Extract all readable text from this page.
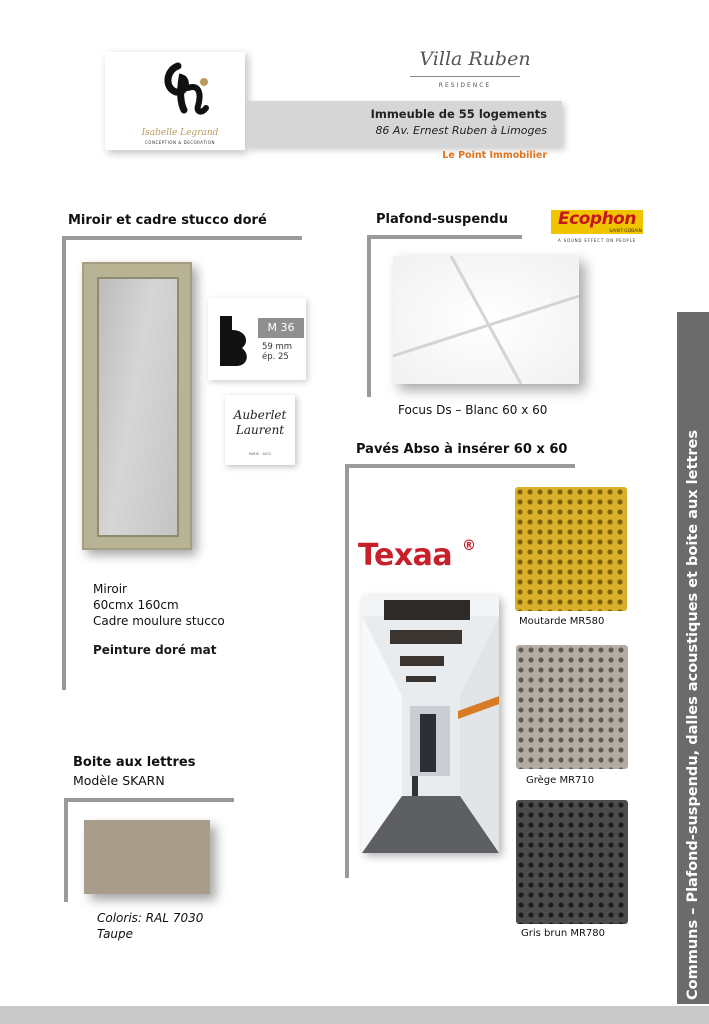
Isabelle Legrand
CONCEPTION & DECORATION
Villa Ruben
RESIDENCE
Immeuble de 55 logements
86 Av. Ernest Ruben à Limoges
Le Point Immobilier
Miroir et cadre stucco doré
M 36
59 mm
ép. 25
Auberlet
Laurent
PARIS · 1872
Miroir
60cmx 160cm
Cadre moulure stucco
Peinture doré mat
Plafond-suspendu	Ecophon
SAINT-GOBAIN
A SOUND EFFECT ON PEOPLE
Focus Ds – Blanc 60 x 60
Pavés Abso à insérer 60 x 60
Texaa ®
Moutarde MR580
Grège MR710
Gris brun MR780
Boite aux lettres
Modèle SKARN
Coloris: RAL 7030
Taupe
